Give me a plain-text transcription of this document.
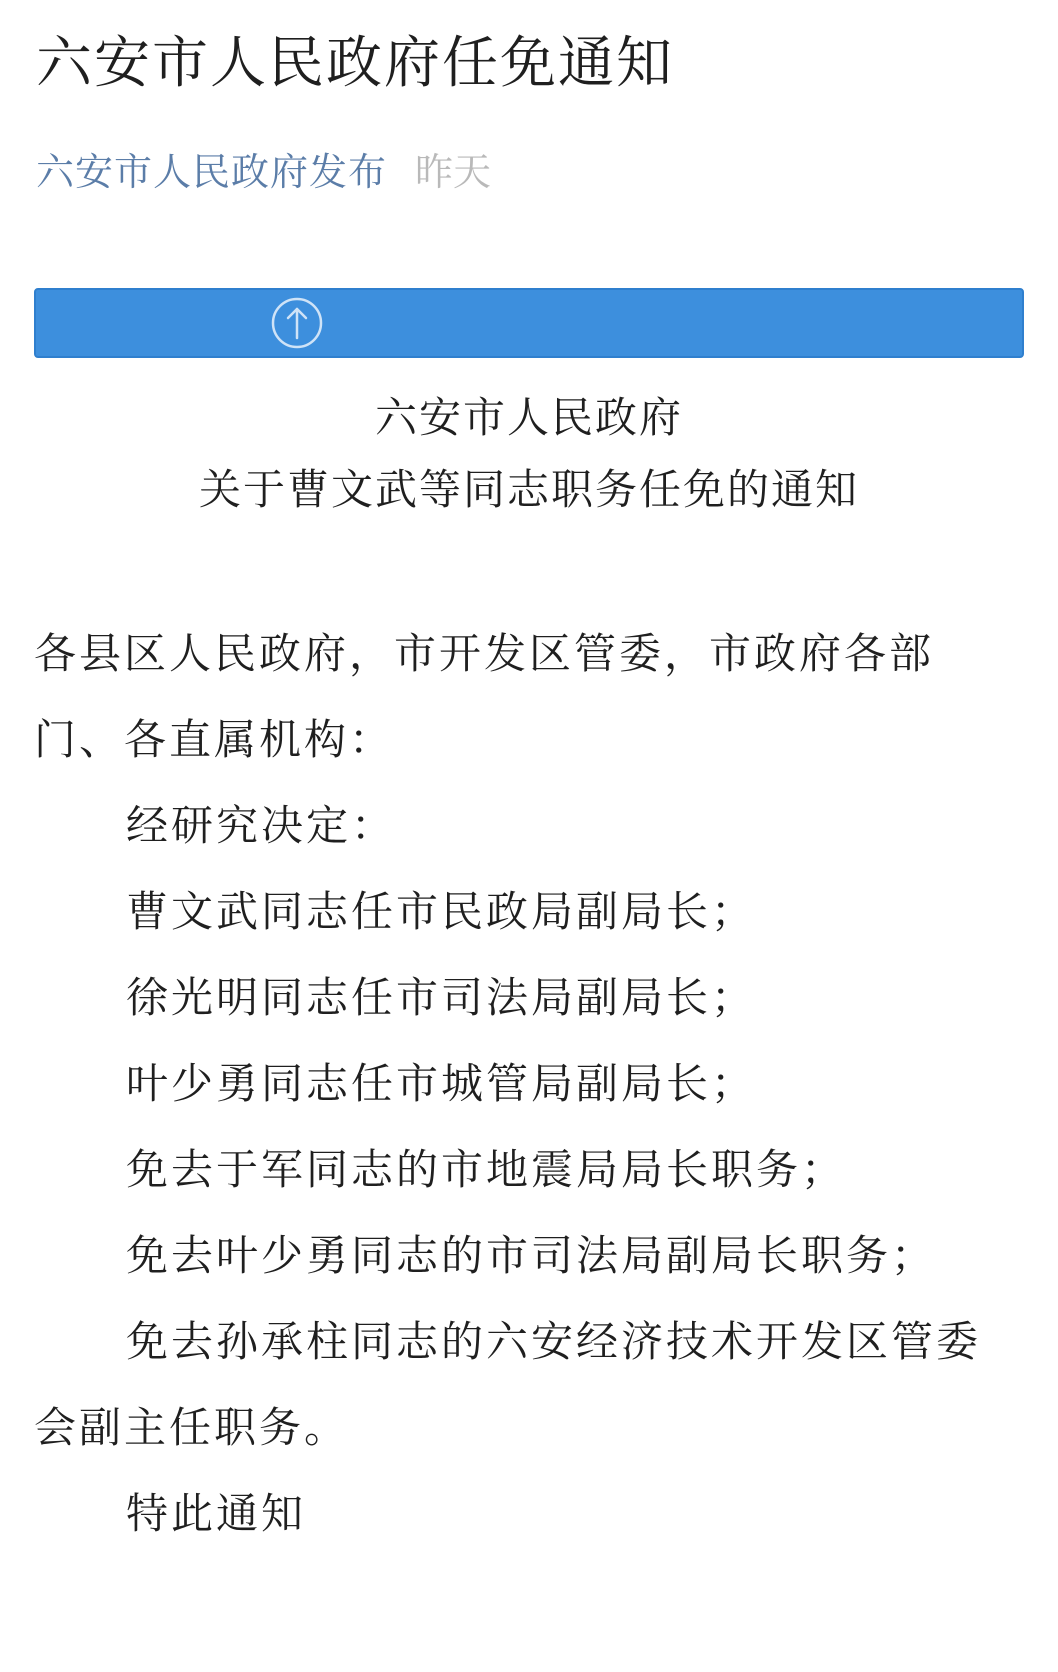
六安市人民政府任免通知
六安市人民政府发布 昨天
六安市人民政府
关于曹文武等同志职务任免的通知
各县区人民政府，市开发区管委，市政府各部
门、各直属机构：
经研究决定：
曹文武同志任市民政局副局长；
徐光明同志任市司法局副局长；
叶少勇同志任市城管局副局长；
免去于军同志的市地震局局长职务；
免去叶少勇同志的市司法局副局长职务；
免去孙承柱同志的六安经济技术开发区管委
会副主任职务。
特此通知
